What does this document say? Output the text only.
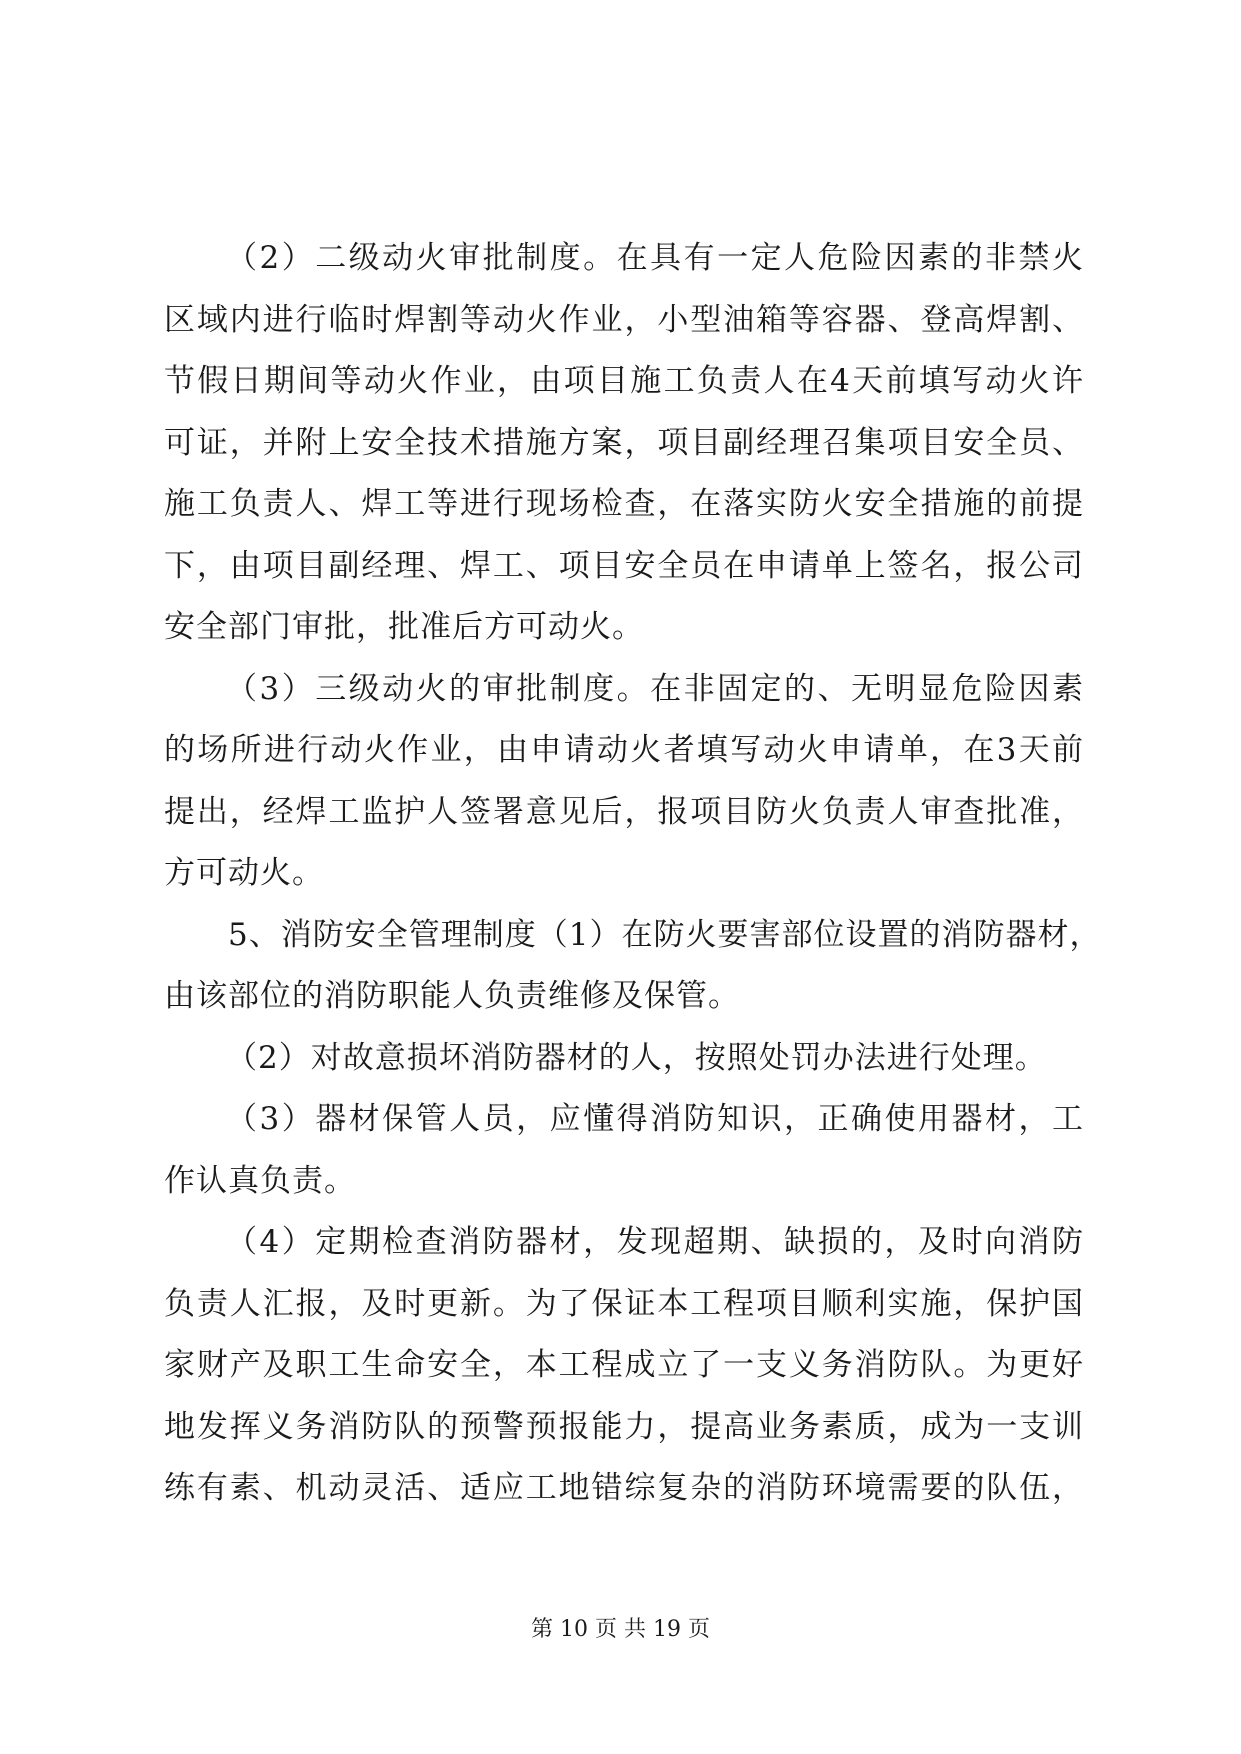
（2）二级动火审批制度。在具有一定人危险因素的非禁火
区域内进行临时焊割等动火作业，小型油箱等容器、登高焊割、
节假日期间等动火作业，由项目施工负责人在4天前填写动火许
可证，并附上安全技术措施方案，项目副经理召集项目安全员、
施工负责人、焊工等进行现场检查，在落实防火安全措施的前提
下，由项目副经理、焊工、项目安全员在申请单上签名，报公司
安全部门审批，批准后方可动火。
（3）三级动火的审批制度。在非固定的、无明显危险因素
的场所进行动火作业，由申请动火者填写动火申请单，在3天前
提出，经焊工监护人签署意见后，报项目防火负责人审查批准，
方可动火。
5、消防安全管理制度（1）在防火要害部位设置的消防器材，
由该部位的消防职能人负责维修及保管。
（2）对故意损坏消防器材的人，按照处罚办法进行处理。
（3）器材保管人员，应懂得消防知识，正确使用器材，工
作认真负责。
（4）定期检查消防器材，发现超期、缺损的，及时向消防
负责人汇报，及时更新。为了保证本工程项目顺利实施，保护国
家财产及职工生命安全，本工程成立了一支义务消防队。为更好
地发挥义务消防队的预警预报能力，提高业务素质，成为一支训
练有素、机动灵活、适应工地错综复杂的消防环境需要的队伍，
第 10 页 共 19 页
